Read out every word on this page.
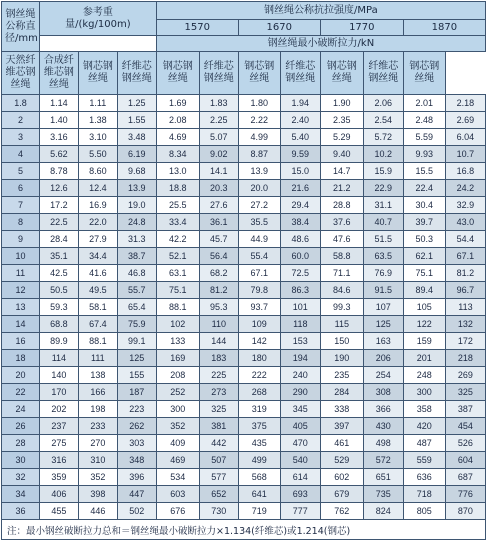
钢丝绳公称直径/mm	参考重量/(kg/100m)			钢丝绳公称抗拉强度/MPa							
				1570		1670		1770		1870	
				钢丝绳最小破断拉力/kN							
天然纤维芯钢丝绳	合成纤维芯钢丝绳	钢芯钢丝绳	纤维芯钢丝绳	钢芯钢丝绳	纤维芯钢丝绳	钢芯钢丝绳	纤维芯钢丝绳	钢芯钢丝绳	纤维芯钢丝绳	钢芯钢丝绳	
1.8	1.14	1.11	1.25	1.69	1.83	1.80	1.94	1.90	2.06	2.01	2.18
2	1.40	1.38	1.55	2.08	2.25	2.22	2.40	2.35	2.54	2.48	2.69
3	3.16	3.10	3.48	4.69	5.07	4.99	5.40	5.29	5.72	5.59	6.04
4	5.62	5.50	6.19	8.34	9.02	8.87	9.59	9.40	10.2	9.93	10.7
5	8.78	8.60	9.68	13.0	14.1	13.9	15.0	14.7	15.9	15.5	16.8
6	12.6	12.4	13.9	18.8	20.3	20.0	21.6	21.2	22.9	22.4	24.2
7	17.2	16.9	19.0	25.5	27.6	27.2	29.4	28.8	31.1	30.4	32.9
8	22.5	22.0	24.8	33.4	36.1	35.5	38.4	37.6	40.7	39.7	43.0
9	28.4	27.9	31.3	42.2	45.7	44.9	48.6	47.6	51.5	50.3	54.4
10	35.1	34.4	38.7	52.1	56.4	55.4	60.0	58.8	63.5	62.1	67.1
11	42.5	41.6	46.8	63.1	68.2	67.1	72.5	71.1	76.9	75.1	81.2
12	50.5	49.5	55.7	75.1	81.2	79.8	86.3	84.6	91.5	89.4	96.7
13	59.3	58.1	65.4	88.1	95.3	93.7	101	99.3	107	105	113
14	68.8	67.4	75.9	102	110	109	118	115	125	122	132
16	89.9	88.1	99.1	133	144	142	153	150	163	159	172
18	114	111	125	169	183	180	194	190	206	201	218
20	140	138	155	208	225	222	240	235	254	248	269
22	170	166	187	252	273	268	290	284	308	300	325
24	202	198	223	300	325	319	345	338	366	358	387
26	237	233	262	352	381	375	405	397	430	420	454
28	275	270	303	409	442	435	470	461	498	487	526
30	316	310	348	469	507	499	540	529	572	559	604
32	359	352	396	534	577	568	614	602	651	636	687
34	406	398	447	603	652	641	693	679	735	718	776
36	455	446	502	676	730	719	777	762	824	805	870
注：最小钢丝破断拉力总和＝钢丝绳最小破断拉力×1.134(纤维芯)或1.214(钢芯)											
